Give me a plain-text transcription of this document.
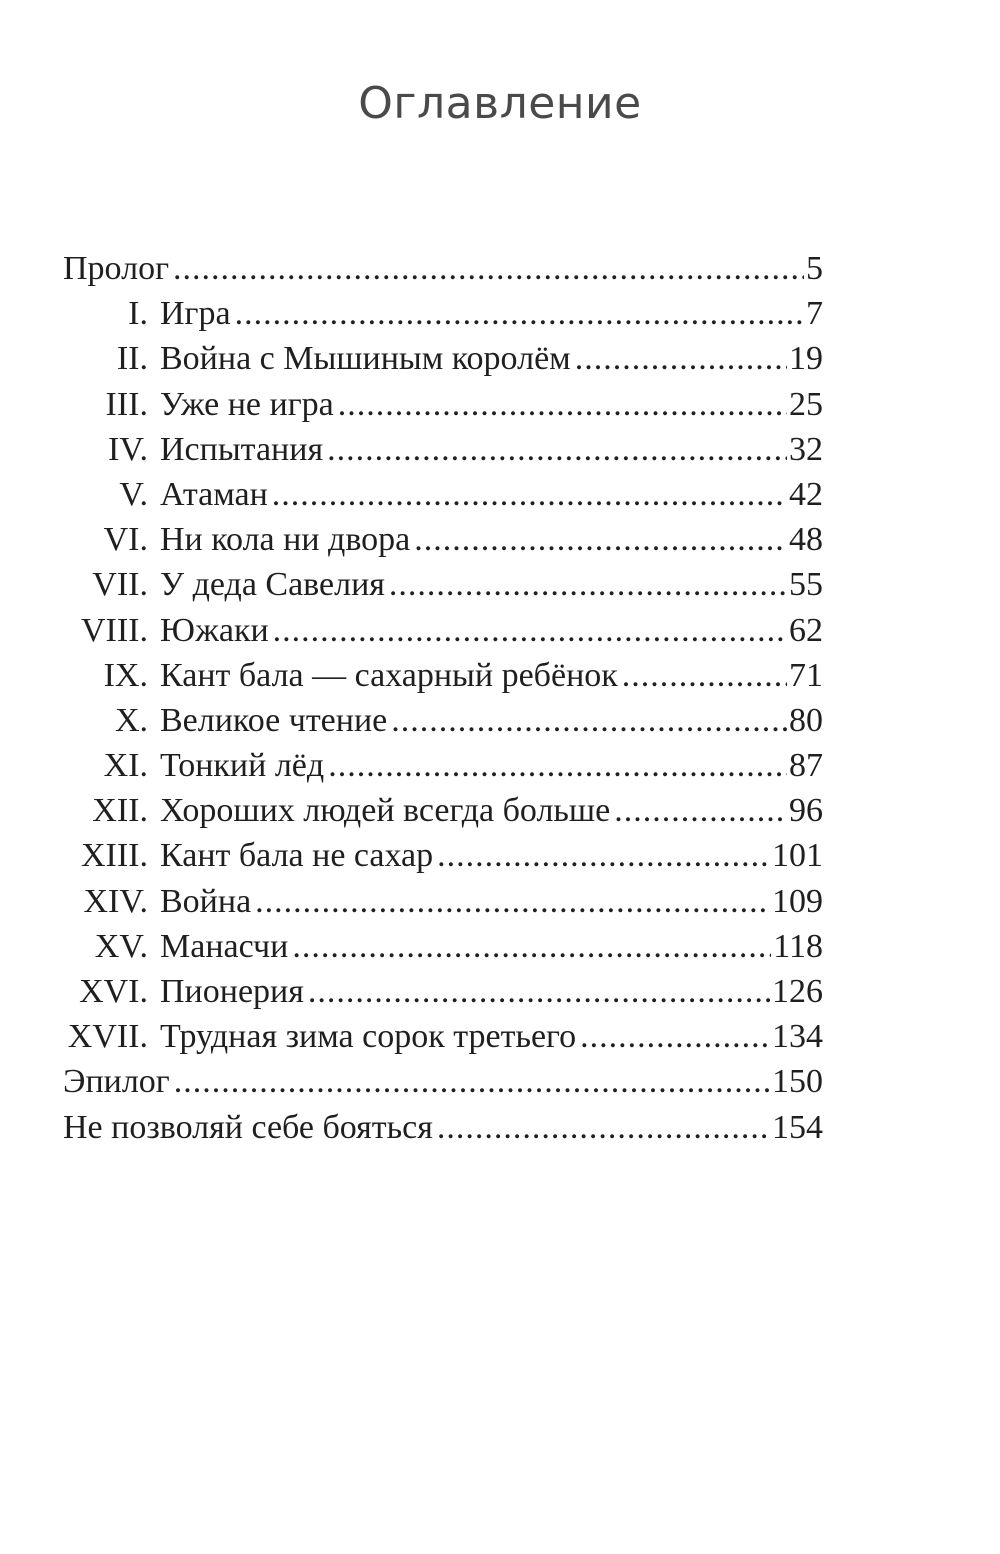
Оглавление
Пролог .....	5
I. Игра .....	7
II. Война с Мышиным королём .....	19
III. Уже не игра .....	25
IV. Испытания .....	32
V. Атаман .....	42
VI. Ни кола ни двора .....	48
VII. У деда Савелия .....	55
VIII. Южаки .....	62
IX. Кант бала — сахарный ребёнок .....	71
X. Великое чтение .....	80
XI. Тонкий лёд .....	87
XII. Хороших людей всегда больше .....	96
XIII. Кант бала не сахар .....	101
XIV. Война .....	109
XV. Манасчи .....	118
XVI. Пионерия .....	126
XVII. Трудная зима сорок третьего .....	134
Эпилог .....	150
Не позволяй себе бояться .....	154
